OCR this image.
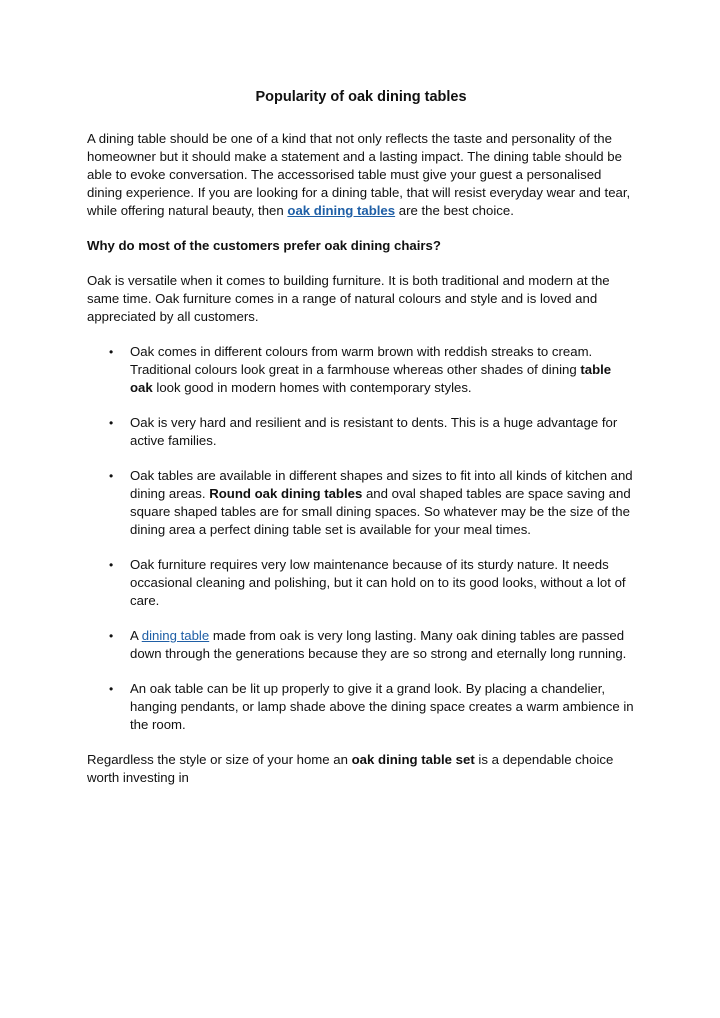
Popularity of oak dining tables

A dining table should be one of a kind that not only reflects the taste and personality of the homeowner but it should make a statement and a lasting impact. The dining table should be able to evoke conversation. The accessorised table must give your guest a personalised dining experience. If you are looking for a dining table, that will resist everyday wear and tear, while offering natural beauty, then oak dining tables are the best choice.

Why do most of the customers prefer oak dining chairs?

Oak is versatile when it comes to building furniture. It is both traditional and modern at the same time. Oak furniture comes in a range of natural colours and style and is loved and appreciated by all customers.

• Oak comes in different colours from warm brown with reddish streaks to cream. Traditional colours look great in a farmhouse whereas other shades of dining table oak look good in modern homes with contemporary styles.
• Oak is very hard and resilient and is resistant to dents. This is a huge advantage for active families.
• Oak tables are available in different shapes and sizes to fit into all kinds of kitchen and dining areas. Round oak dining tables and oval shaped tables are space saving and square shaped tables are for small dining spaces. So whatever may be the size of the dining area a perfect dining table set is available for your meal times.
• Oak furniture requires very low maintenance because of its sturdy nature. It needs occasional cleaning and polishing, but it can hold on to its good looks, without a lot of care.
• A dining table made from oak is very long lasting. Many oak dining tables are passed down through the generations because they are so strong and eternally long running.
• An oak table can be lit up properly to give it a grand look. By placing a chandelier, hanging pendants, or lamp shade above the dining space creates a warm ambience in the room.

Regardless the style or size of your home an oak dining table set is a dependable choice worth investing in
